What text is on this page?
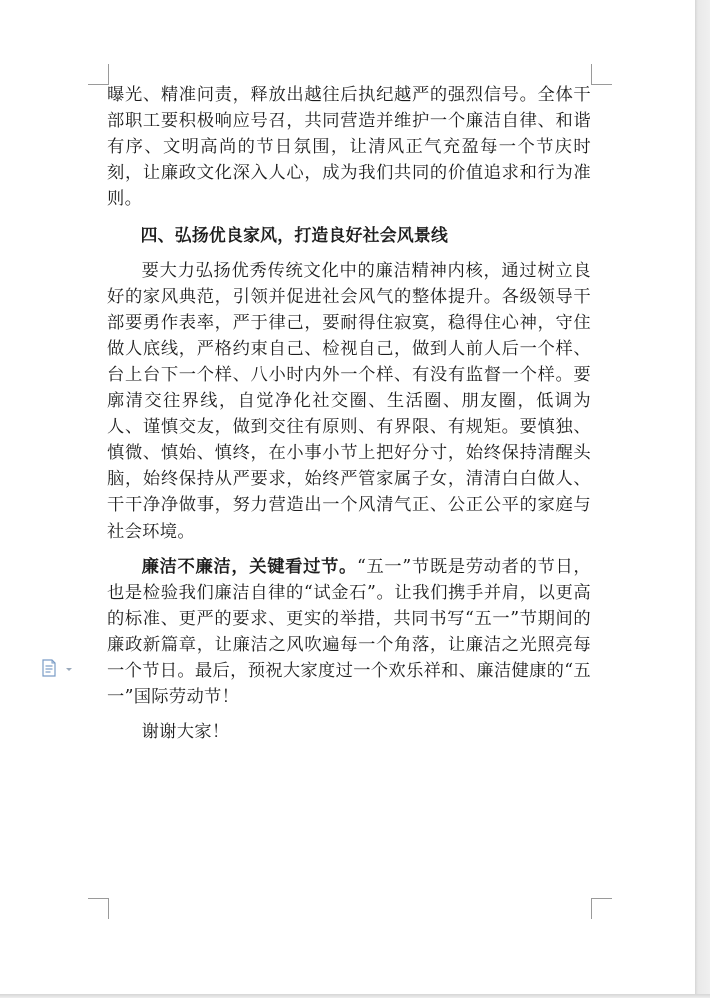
曝光、精准问责，释放出越往后执纪越严的强烈信号。全体干部职工要积极响应号召，共同营造并维护一个廉洁自律、和谐有序、文明高尚的节日氛围，让清风正气充盈每一个节庆时刻，让廉政文化深入人心，成为我们共同的价值追求和行为准则。

四、弘扬优良家风，打造良好社会风景线

要大力弘扬优秀传统文化中的廉洁精神内核，通过树立良好的家风典范，引领并促进社会风气的整体提升。各级领导干部要勇作表率，严于律己，要耐得住寂寞，稳得住心神，守住做人底线，严格约束自己、检视自己，做到人前人后一个样、台上台下一个样、八小时内外一个样、有没有监督一个样。要廓清交往界线，自觉净化社交圈、生活圈、朋友圈，低调为人、谨慎交友，做到交往有原则、有界限、有规矩。要慎独、慎微、慎始、慎终，在小事小节上把好分寸，始终保持清醒头脑，始终保持从严要求，始终严管家属子女，清清白白做人、干干净净做事，努力营造出一个风清气正、公正公平的家庭与社会环境。

廉洁不廉洁，关键看过节。“五一”节既是劳动者的节日，也是检验我们廉洁自律的“试金石”。让我们携手并肩，以更高的标准、更严的要求、更实的举措，共同书写“五一”节期间的廉政新篇章，让廉洁之风吹遍每一个角落，让廉洁之光照亮每一个节日。最后，预祝大家度过一个欢乐祥和、廉洁健康的“五一”国际劳动节！

谢谢大家！
